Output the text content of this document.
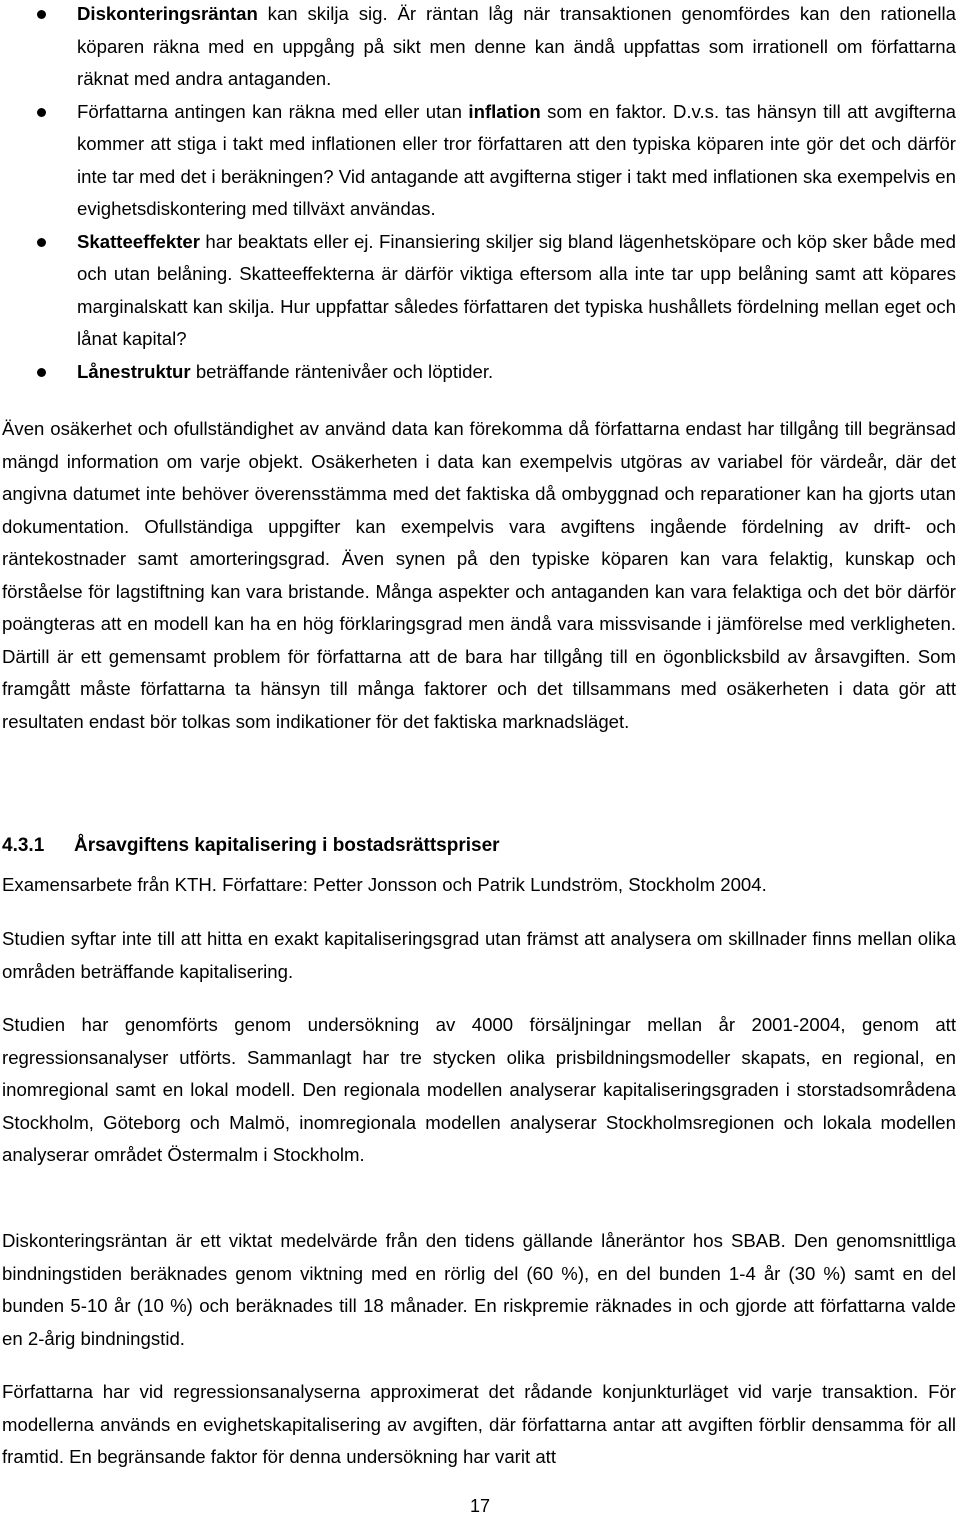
Diskonteringsräntan kan skilja sig. Är räntan låg när transaktionen genomfördes kan den rationella köparen räkna med en uppgång på sikt men denne kan ändå uppfattas som irrationell om författarna räknat med andra antaganden.
Författarna antingen kan räkna med eller utan inflation som en faktor. D.v.s. tas hänsyn till att avgifterna kommer att stiga i takt med inflationen eller tror författaren att den typiska köparen inte gör det och därför inte tar med det i beräkningen? Vid antagande att avgifterna stiger i takt med inflationen ska exempelvis en evighetsdiskontering med tillväxt användas.
Skatteeffekter har beaktats eller ej. Finansiering skiljer sig bland lägenhetsköpare och köp sker både med och utan belåning. Skatteeffekterna är därför viktiga eftersom alla inte tar upp belåning samt att köpares marginalskatt kan skilja. Hur uppfattar således författaren det typiska hushållets fördelning mellan eget och lånat kapital?
Lånestruktur beträffande räntenivåer och löptider.

Även osäkerhet och ofullständighet av använd data kan förekomma då författarna endast har tillgång till begränsad mängd information om varje objekt. Osäkerheten i data kan exempelvis utgöras av variabel för värdeår, där det angivna datumet inte behöver överensstämma med det faktiska då ombyggnad och reparationer kan ha gjorts utan dokumentation. Ofullständiga uppgifter kan exempelvis vara avgiftens ingående fördelning av drift- och räntekostnader samt amorteringsgrad. Även synen på den typiske köparen kan vara felaktig, kunskap och förståelse för lagstiftning kan vara bristande. Många aspekter och antaganden kan vara felaktiga och det bör därför poängteras att en modell kan ha en hög förklaringsgrad men ändå vara missvisande i jämförelse med verkligheten. Därtill är ett gemensamt problem för författarna att de bara har tillgång till en ögonblicksbild av årsavgiften. Som framgått måste författarna ta hänsyn till många faktorer och det tillsammans med osäkerheten i data gör att resultaten endast bör tolkas som indikationer för det faktiska marknadsläget.

4.3.1 Årsavgiftens kapitalisering i bostadsrättspriser

Examensarbete från KTH. Författare: Petter Jonsson och Patrik Lundström, Stockholm 2004.

Studien syftar inte till att hitta en exakt kapitaliseringsgrad utan främst att analysera om skillnader finns mellan olika områden beträffande kapitalisering.

Studien har genomförts genom undersökning av 4000 försäljningar mellan år 2001-2004, genom att regressionsanalyser utförts. Sammanlagt har tre stycken olika prisbildningsmodeller skapats, en regional, en inomregional samt en lokal modell. Den regionala modellen analyserar kapitaliseringsgraden i storstadsområdena Stockholm, Göteborg och Malmö, inomregionala modellen analyserar Stockholmsregionen och lokala modellen analyserar området Östermalm i Stockholm.

Diskonteringsräntan är ett viktat medelvärde från den tidens gällande låneräntor hos SBAB. Den genomsnittliga bindningstiden beräknades genom viktning med en rörlig del (60 %), en del bunden 1-4 år (30 %) samt en del bunden 5-10 år (10 %) och beräknades till 18 månader. En riskpremie räknades in och gjorde att författarna valde en 2-årig bindningstid.

Författarna har vid regressionsanalyserna approximerat det rådande konjunkturläget vid varje transaktion. För modellerna används en evighetskapitalisering av avgiften, där författarna antar att avgiften förblir densamma för all framtid. En begränsande faktor för denna undersökning har varit att

17
